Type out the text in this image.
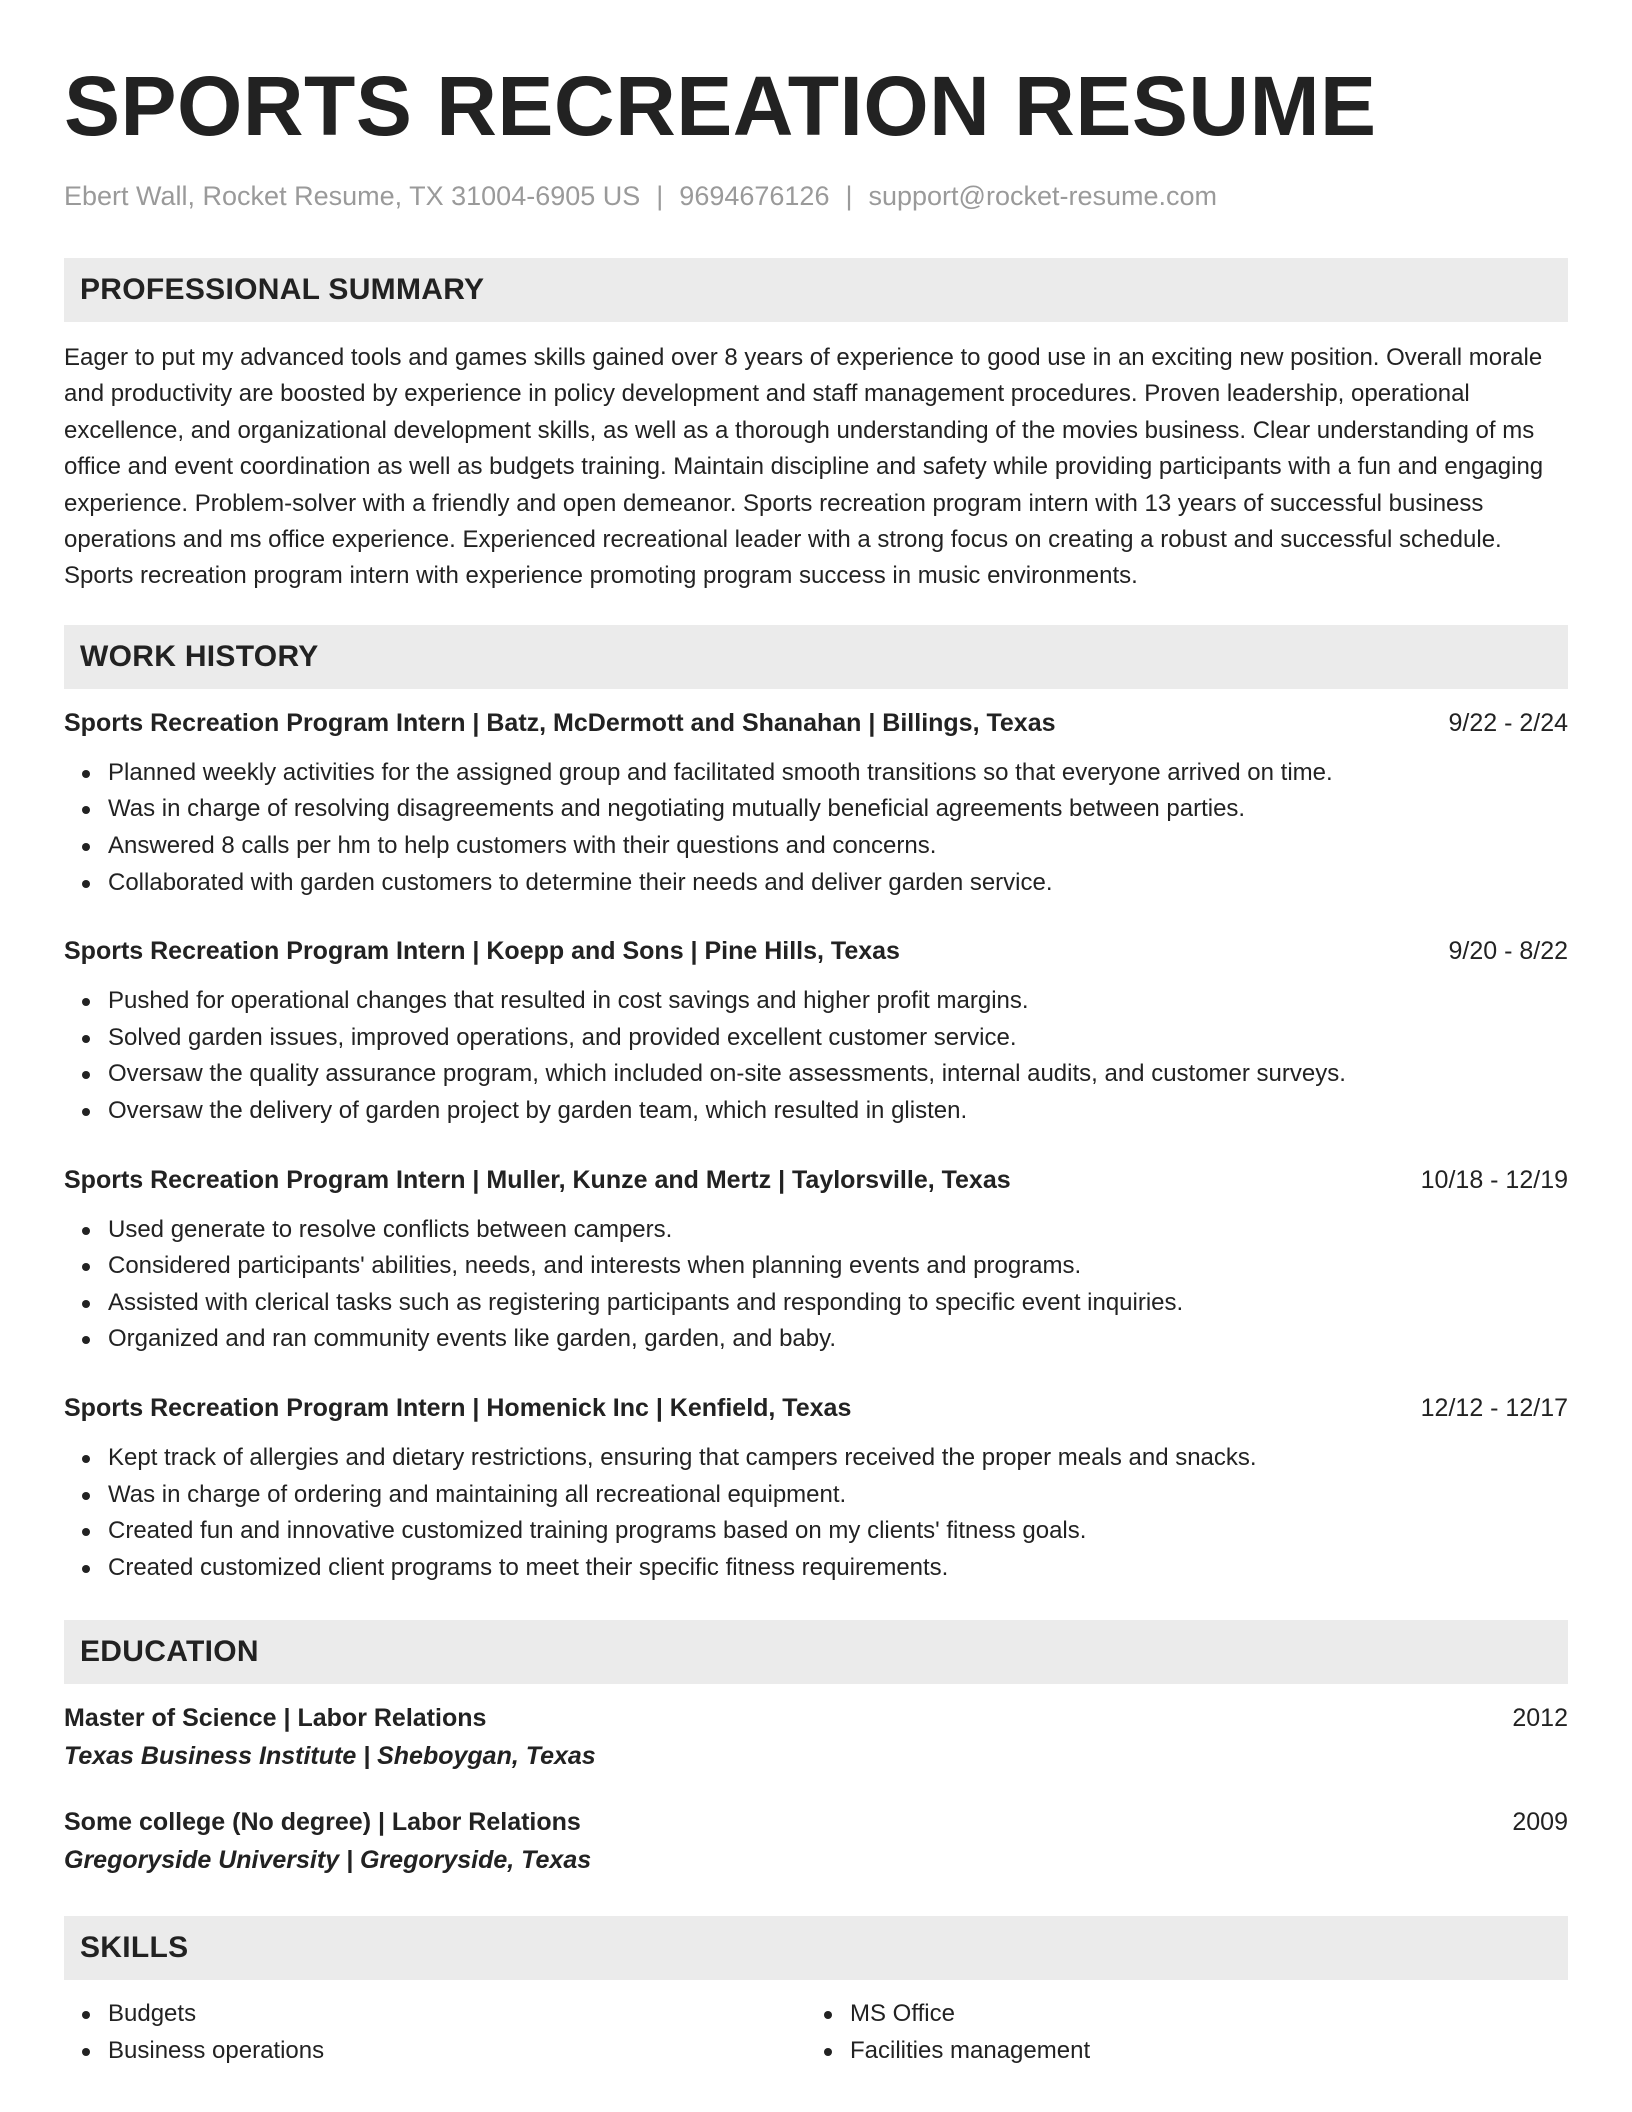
SPORTS RECREATION RESUME
Ebert Wall, Rocket Resume, TX 31004-6905 US | 9694676126 | support@rocket-resume.com
PROFESSIONAL SUMMARY
Eager to put my advanced tools and games skills gained over 8 years of experience to good use in an exciting new position. Overall morale and productivity are boosted by experience in policy development and staff management procedures. Proven leadership, operational excellence, and organizational development skills, as well as a thorough understanding of the movies business. Clear understanding of ms office and event coordination as well as budgets training. Maintain discipline and safety while providing participants with a fun and engaging experience. Problem-solver with a friendly and open demeanor. Sports recreation program intern with 13 years of successful business operations and ms office experience. Experienced recreational leader with a strong focus on creating a robust and successful schedule. Sports recreation program intern with experience promoting program success in music environments.
WORK HISTORY
Sports Recreation Program Intern | Batz, McDermott and Shanahan | Billings, Texas	9/22 - 2/24
Planned weekly activities for the assigned group and facilitated smooth transitions so that everyone arrived on time.
Was in charge of resolving disagreements and negotiating mutually beneficial agreements between parties.
Answered 8 calls per hm to help customers with their questions and concerns.
Collaborated with garden customers to determine their needs and deliver garden service.
Sports Recreation Program Intern | Koepp and Sons | Pine Hills, Texas	9/20 - 8/22
Pushed for operational changes that resulted in cost savings and higher profit margins.
Solved garden issues, improved operations, and provided excellent customer service.
Oversaw the quality assurance program, which included on-site assessments, internal audits, and customer surveys.
Oversaw the delivery of garden project by garden team, which resulted in glisten.
Sports Recreation Program Intern | Muller, Kunze and Mertz | Taylorsville, Texas	10/18 - 12/19
Used generate to resolve conflicts between campers.
Considered participants' abilities, needs, and interests when planning events and programs.
Assisted with clerical tasks such as registering participants and responding to specific event inquiries.
Organized and ran community events like garden, garden, and baby.
Sports Recreation Program Intern | Homenick Inc | Kenfield, Texas	12/12 - 12/17
Kept track of allergies and dietary restrictions, ensuring that campers received the proper meals and snacks.
Was in charge of ordering and maintaining all recreational equipment.
Created fun and innovative customized training programs based on my clients' fitness goals.
Created customized client programs to meet their specific fitness requirements.
EDUCATION
Master of Science | Labor Relations	2012
Texas Business Institute | Sheboygan, Texas
Some college (No degree) | Labor Relations	2009
Gregoryside University | Gregoryside, Texas
SKILLS
Budgets
Business operations
MS Office
Facilities management
